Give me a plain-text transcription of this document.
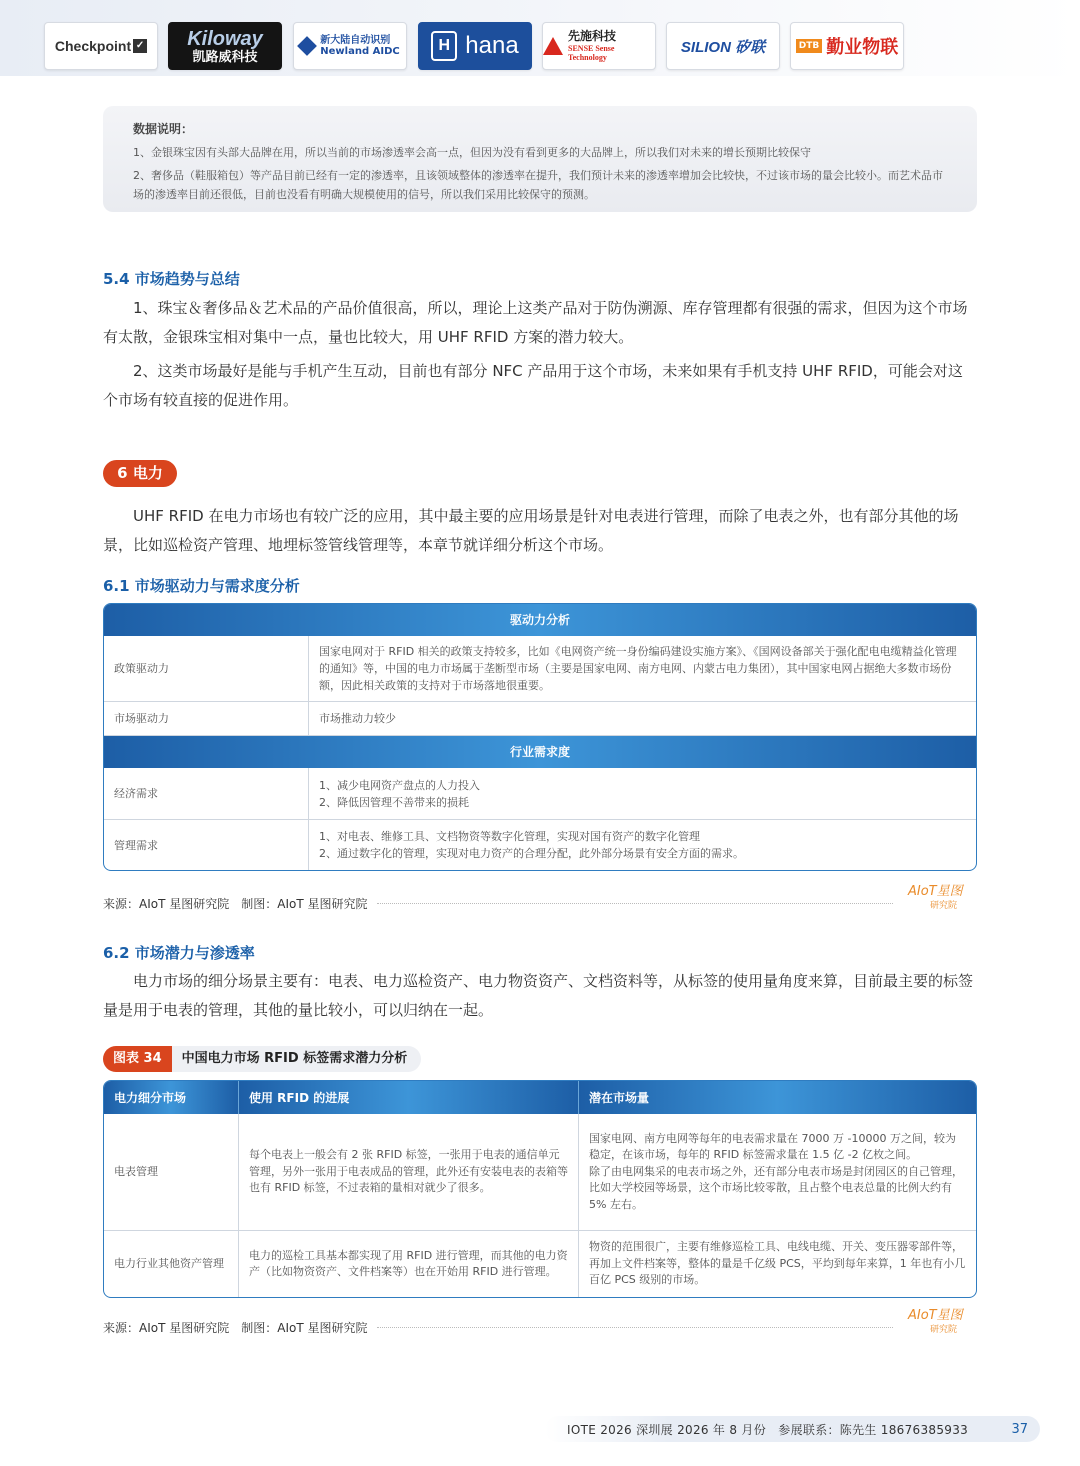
Checkpoint ✓ Kiloway
凯路威科技
新大陆自动识别
Newland AIDC	H hana	先施科技
SENSE Sense Technology
SILION 矽联	DTB 勤业物联
数据说明：

1、金银珠宝因有头部大品牌在用，所以当前的市场渗透率会高一点，但因为没有看到更多的大品牌上，所以我们对未来的增长预期比较保守

2、奢侈品（鞋服箱包）等产品目前已经有一定的渗透率，且该领域整体的渗透率在提升，我们预计未来的渗透率增加会比较快，不过该市场的量会比较小。而艺术品市场的渗透率目前还很低，目前也没看有明确大规模使用的信号，所以我们采用比较保守的预测。

5.4 市场趋势与总结

1、珠宝＆奢侈品＆艺术品的产品价值很高，所以，理论上这类产品对于防伪溯源、库存管理都有很强的需求，但因为这个市场有太散，金银珠宝相对集中一点，量也比较大，用 UHF RFID 方案的潜力较大。

2、这类市场最好是能与手机产生互动，目前也有部分 NFC 产品用于这个市场，未来如果有手机支持 UHF RFID，可能会对这个市场有较直接的促进作用。

6 电力

UHF RFID 在电力市场也有较广泛的应用，其中最主要的应用场景是针对电表进行管理，而除了电表之外，也有部分其他的场景，比如巡检资产管理、地埋标签管线管理等，本章节就详细分析这个市场。

6.1 市场驱动力与需求度分析
驱动力分析	
政策驱动力	国家电网对于 RFID 相关的政策支持较多，比如《电网资产统一身份编码建设实施方案》、《国网设备部关于强化配电电缆精益化管理的通知》等，中国的电力市场属于垄断型市场（主要是国家电网、南方电网、内蒙古电力集团），其中国家电网占据绝大多数市场份额，因此相关政策的支持对于市场落地很重要。
市场驱动力	市场推动力较少
行业需求度	
经济需求	1、减少电网资产盘点的人力投入
2、降低因管理不善带来的损耗

管理需求	1、对电表、维修工具、文档物资等数字化管理，实现对国有资产的数字化管理
2、通过数字化的管理，实现对电力资产的合理分配，此外部分场景有安全方面的需求。
来源：AIoT 星图研究院　制图：AIoT 星图研究院
AIoT星图
研究院
6.2 市场潜力与渗透率

电力市场的细分场景主要有：电表、电力巡检资产、电力物资资产、文档资料等，从标签的使用量角度来算，目前最主要的标签量是用于电表的管理，其他的量比较小，可以归纳在一起。

图表 34	中国电力市场 RFID 标签需求潜力分析
电力细分市场	使用 RFID 的进展	潜在市场量
电表管理	每个电表上一般会有 2 张 RFID 标签，一张用于电表的通信单元管理，另外一张用于电表成品的管理，此外还有安装电表的表箱等也有 RFID 标签，不过表箱的量相对就少了很多。	国家电网、南方电网等每年的电表需求量在 7000 万 -10000 万之间，较为稳定，在该市场，每年的 RFID 标签需求量在 1.5 亿 -2 亿枚之间。

除了由电网集采的电表市场之外，还有部分电表市场是封闭园区的自己管理，比如大学校园等场景，这个市场比较零散，且占整个电表总量的比例大约有 5% 左右。

电力行业其他资产管理	电力的巡检工具基本都实现了用 RFID 进行管理，而其他的电力资产（比如物资资产、文件档案等）也在开始用 RFID 进行管理。	物资的范围很广，主要有维修巡检工具、电线电缆、开关、变压器零部件等，再加上文件档案等，整体的量是千亿级 PCS，平均到每年来算，1 年也有小几百亿 PCS 级别的市场。
来源：AIoT 星图研究院　制图：AIoT 星图研究院
AIoT星图
研究院
IOTE 2026 深圳展 2026 年 8 月份　参展联系：陈先生 18676385933	37
